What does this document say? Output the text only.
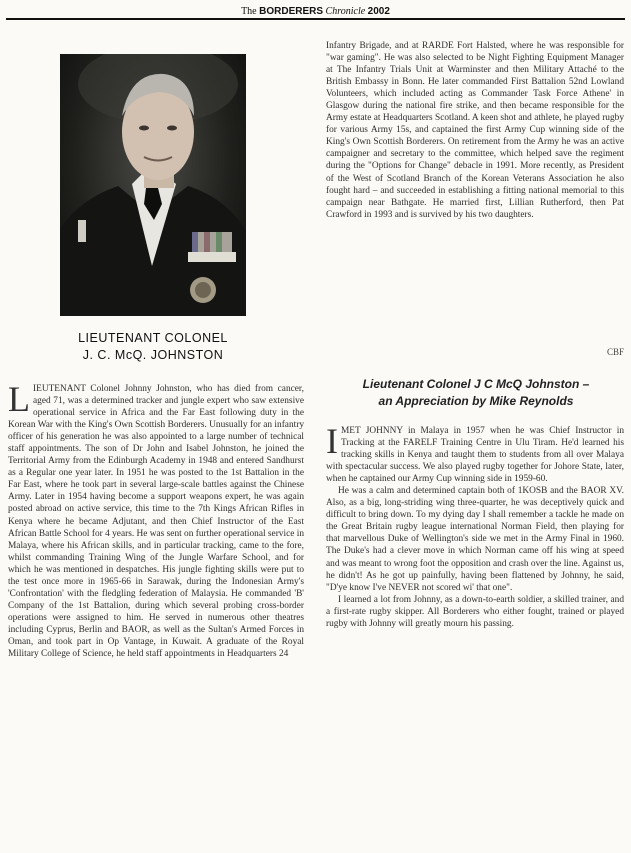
The BORDERERS Chronicle 2002
LIEUTENANT COLONEL
J. C. McQ. JOHNSTON

LIEUTENANT Colonel Johnny Johnston, who has died from cancer, aged 71, was a determined tracker and jungle expert who saw extensive operational service in Africa and the Far East following duty in the Korean War with the King's Own Scottish Borderers. Unusually for an infantry officer of his generation he was also appointed to a large number of technical staff appointments. The son of Dr John and Isabel Johnston, he joined the Territorial Army from the Edinburgh Academy in 1948 and entered Sandhurst as a Regular one year later. In 1951 he was posted to the 1st Battalion in the Far East, where he took part in several large-scale battles against the Chinese Army. Later in 1954 having become a support weapons expert, he was again posted abroad on active service, this time to the 7th Kings African Rifles in Kenya where he became Adjutant, and then Chief Instructor of the East African Battle School for 4 years. He was sent on further operational service in Malaya, where his African skills, and in particular tracking, came to the fore, whilst commanding Training Wing of the Jungle Warfare School, and for which he was mentioned in despatches. His jungle fighting skills were put to the test once more in 1965-66 in Sarawak, during the Indonesian Army's 'Confrontation' with the fledgling federation of Malaysia. He commanded 'B' Company of the 1st Battalion, during which several probing cross-border operations were assigned to him. He served in numerous other theatres including Cyprus, Berlin and BAOR, as well as the Sultan's Armed Forces in Oman, and took part in Op Vantage, in Kuwait. A graduate of the Royal Military College of Science, he held staff appointments in Headquarters 24

Infantry Brigade, and at RARDE Fort Halsted, where he was responsible for "war gaming". He was also selected to be Night Fighting Equipment Manager at The Infantry Trials Unit at Warminster and then Military Attaché to the British Embassy in Bonn. He later commanded First Battalion 52nd Lowland Volunteers, which included acting as Commander Task Force Athene' in Glasgow during the national fire strike, and then became responsible for the Army estate at Headquarters Scotland. A keen shot and athlete, he played rugby for various Army 15s, and captained the first Army Cup winning side of the King's Own Scottish Borderers. On retirement from the Army he was an active campaigner and secretary to the committee, which helped save the regiment during the "Options for Change" debacle in 1991. More recently, as President of the West of Scotland Branch of the Korean Veterans Association he also fought hard – and succeeded in establishing a fitting national memorial to this campaign near Bathgate. He married first, Lillian Rutherford, then Pat Crawford in 1993 and is survived by his two daughters.

CBF
Lieutenant Colonel J C McQ Johnston –
an Appreciation by Mike Reynolds

IMET JOHNNY in Malaya in 1957 when he was Chief Instructor in Tracking at the FARELF Training Centre in Ulu Tiram. He'd learned his tracking skills in Kenya and taught them to students from all over Malaya with spectacular success. We also played rugby together for Johore State, later, when he captained our Army Cup winning side in 1959-60.

He was a calm and determined captain both of 1KOSB and the BAOR XV. Also, as a big, long-striding wing three-quarter, he was deceptively quick and difficult to bring down. To my dying day I shall remember a tackle he made on the Great Britain rugby league international Norman Field, then playing for that marvellous Duke of Wellington's side we met in the Army Final in 1960. The Duke's had a clever move in which Norman came off his wing at speed and was meant to wrong foot the opposition and crash over the line. Against us, he didn't! As he got up painfully, having been flattened by Johnny, he said, "D'ye know I've NEVER not scored wi' that one".

I learned a lot from Johnny, as a down-to-earth soldier, a skilled trainer, and a first-rate rugby skipper. All Borderers who either fought, trained or played rugby with Johnny will greatly mourn his passing.
